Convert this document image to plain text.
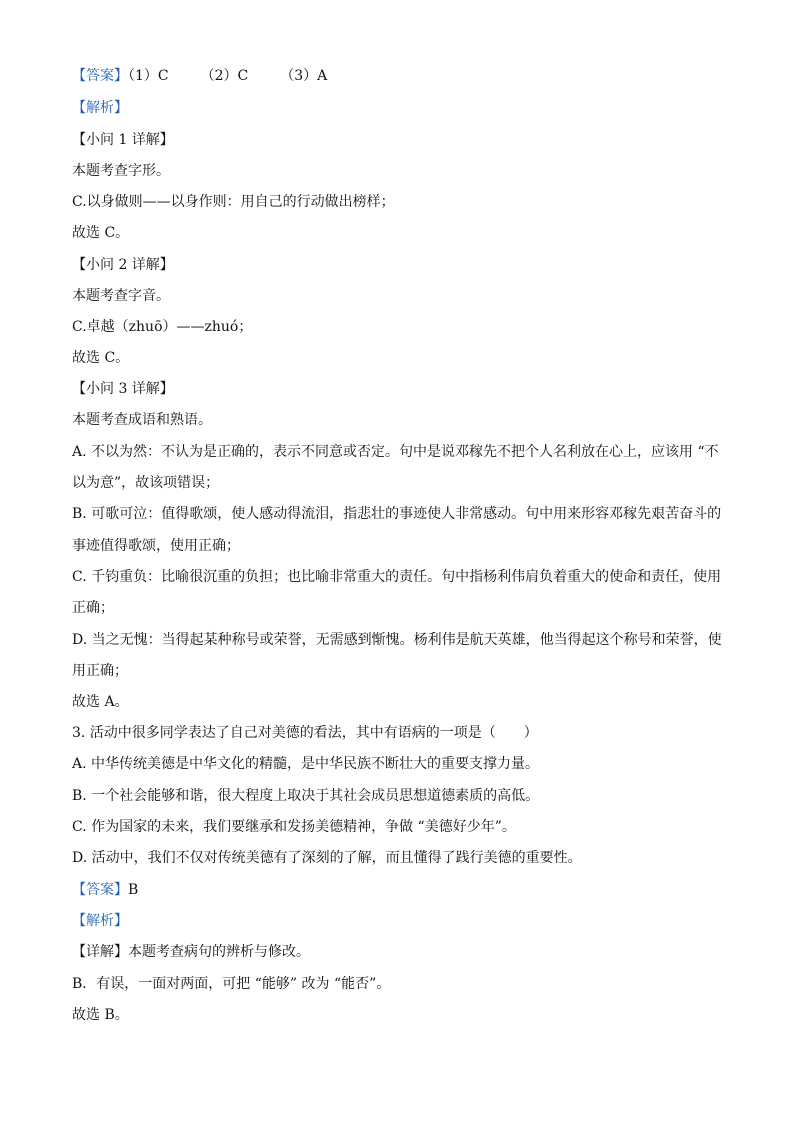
【答案】（1）C （2）C （3）A
【解析】
【小问 1 详解】
本题考查字形。
C.以身做则——以身作则：用自己的行动做出榜样；
故选 C。
【小问 2 详解】
本题考查字音。
C.卓越（zhuō）——zhuó；
故选 C。
【小问 3 详解】
本题考查成语和熟语。
A. 不以为然：不认为是正确的，表示不同意或否定。句中是说邓稼先不把个人名利放在心上，应该用 “不
以为意”，故该项错误；
B. 可歌可泣：值得歌颂，使人感动得流泪，指悲壮的事迹使人非常感动。句中用来形容邓稼先艰苦奋斗的
事迹值得歌颂，使用正确；
C. 千钧重负：比喻很沉重的负担；也比喻非常重大的责任。句中指杨利伟肩负着重大的使命和责任，使用
正确；
D. 当之无愧：当得起某种称号或荣誉，无需感到惭愧。杨利伟是航天英雄，他当得起这个称号和荣誉，使
用正确；
故选 A。
3. 活动中很多同学表达了自己对美德的看法，其中有语病的一项是（　　）
A. 中华传统美德是中华文化的精髓，是中华民族不断壮大的重要支撑力量。
B. 一个社会能够和谐，很大程度上取决于其社会成员思想道德素质的高低。
C. 作为国家的未来，我们要继承和发扬美德精神，争做 “美德好少年”。
D. 活动中，我们不仅对传统美德有了深刻的了解，而且懂得了践行美德的重要性。
【答案】B
【解析】
【详解】本题考查病句的辨析与修改。
B．有误，一面对两面，可把 “能够” 改为 “能否”。
故选 B。
